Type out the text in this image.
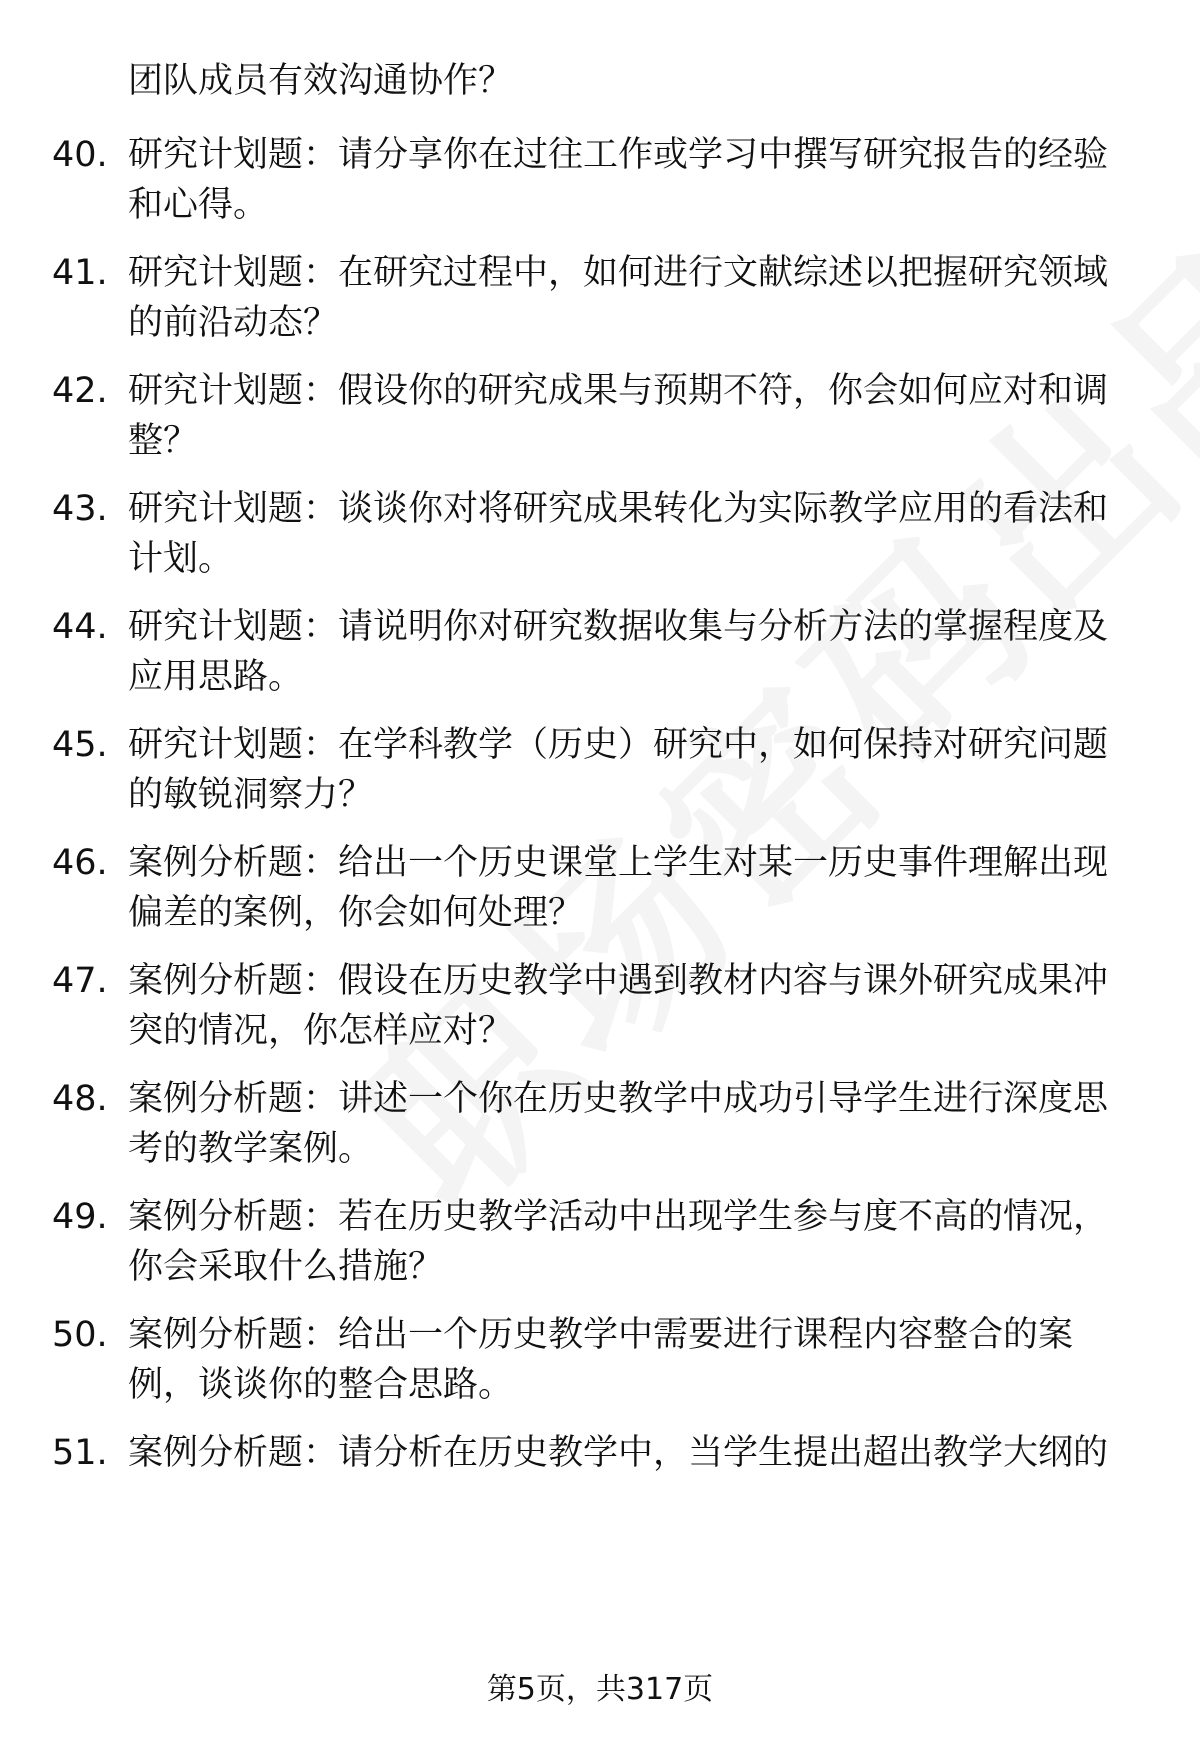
团队成员有效沟通协作？
40. 研究计划题：请分享你在过往工作或学习中撰写研究报告的经验和心得。
41. 研究计划题：在研究过程中，如何进行文献综述以把握研究领域的前沿动态？
42. 研究计划题：假设你的研究成果与预期不符，你会如何应对和调整？
43. 研究计划题：谈谈你对将研究成果转化为实际教学应用的看法和计划。
44. 研究计划题：请说明你对研究数据收集与分析方法的掌握程度及应用思路。
45. 研究计划题：在学科教学（历史）研究中，如何保持对研究问题的敏锐洞察力？
46. 案例分析题：给出一个历史课堂上学生对某一历史事件理解出现偏差的案例，你会如何处理？
47. 案例分析题：假设在历史教学中遇到教材内容与课外研究成果冲突的情况，你怎样应对？
48. 案例分析题：讲述一个你在历史教学中成功引导学生进行深度思考的教学案例。
49. 案例分析题：若在历史教学活动中出现学生参与度不高的情况，你会采取什么措施？
50. 案例分析题：给出一个历史教学中需要进行课程内容整合的案例，谈谈你的整合思路。
51. 案例分析题：请分析在历史教学中，当学生提出超出教学大纲的
第5页，共317页
